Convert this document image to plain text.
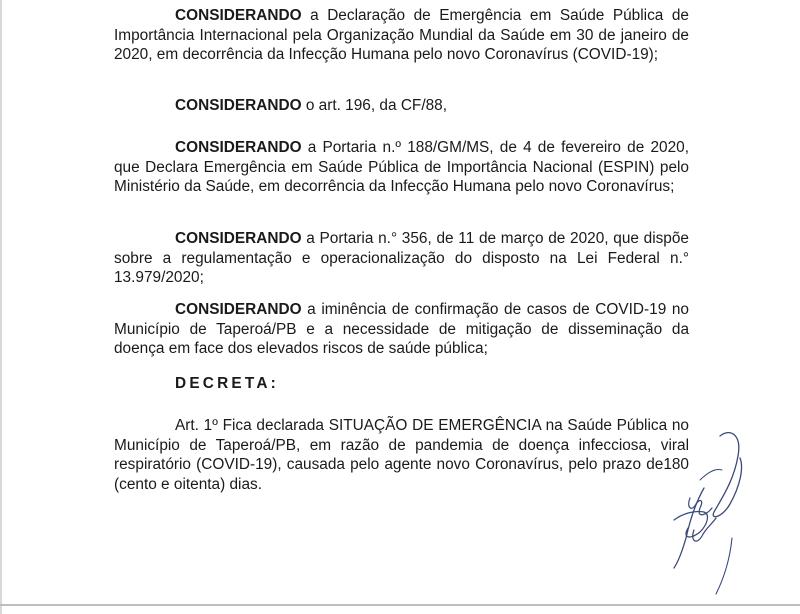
CONSIDERANDO a Declaração de Emergência em Saúde Pública de Importância Internacional pela Organização Mundial da Saúde em 30 de janeiro de 2020, em decorrência da Infecção Humana pelo novo Coronavírus (COVID-19);

CONSIDERANDO o art. 196, da CF/88,

CONSIDERANDO a Portaria n.º 188/GM/MS, de 4 de fevereiro de 2020, que Declara Emergência em Saúde Pública de Importância Nacional (ESPIN) pelo Ministério da Saúde, em decorrência da Infecção Humana pelo novo Coronavírus;

CONSIDERANDO a Portaria n.° 356, de 11 de março de 2020, que dispõe sobre a regulamentação e operacionalização do disposto na Lei Federal n.° 13.979/2020;

CONSIDERANDO a iminência de confirmação de casos de COVID-19 no Município de Taperoá/PB e a necessidade de mitigação de disseminação da doença em face dos elevados riscos de saúde pública;

DECRETA:

Art. 1º Fica declarada SITUAÇÃO DE EMERGÊNCIA na Saúde Pública no Município de Taperoá/PB, em razão de pandemia de doença infecciosa, viral respiratório (COVID-19), causada pelo agente novo Coronavírus, pelo prazo de180 (cento e oitenta) dias.
